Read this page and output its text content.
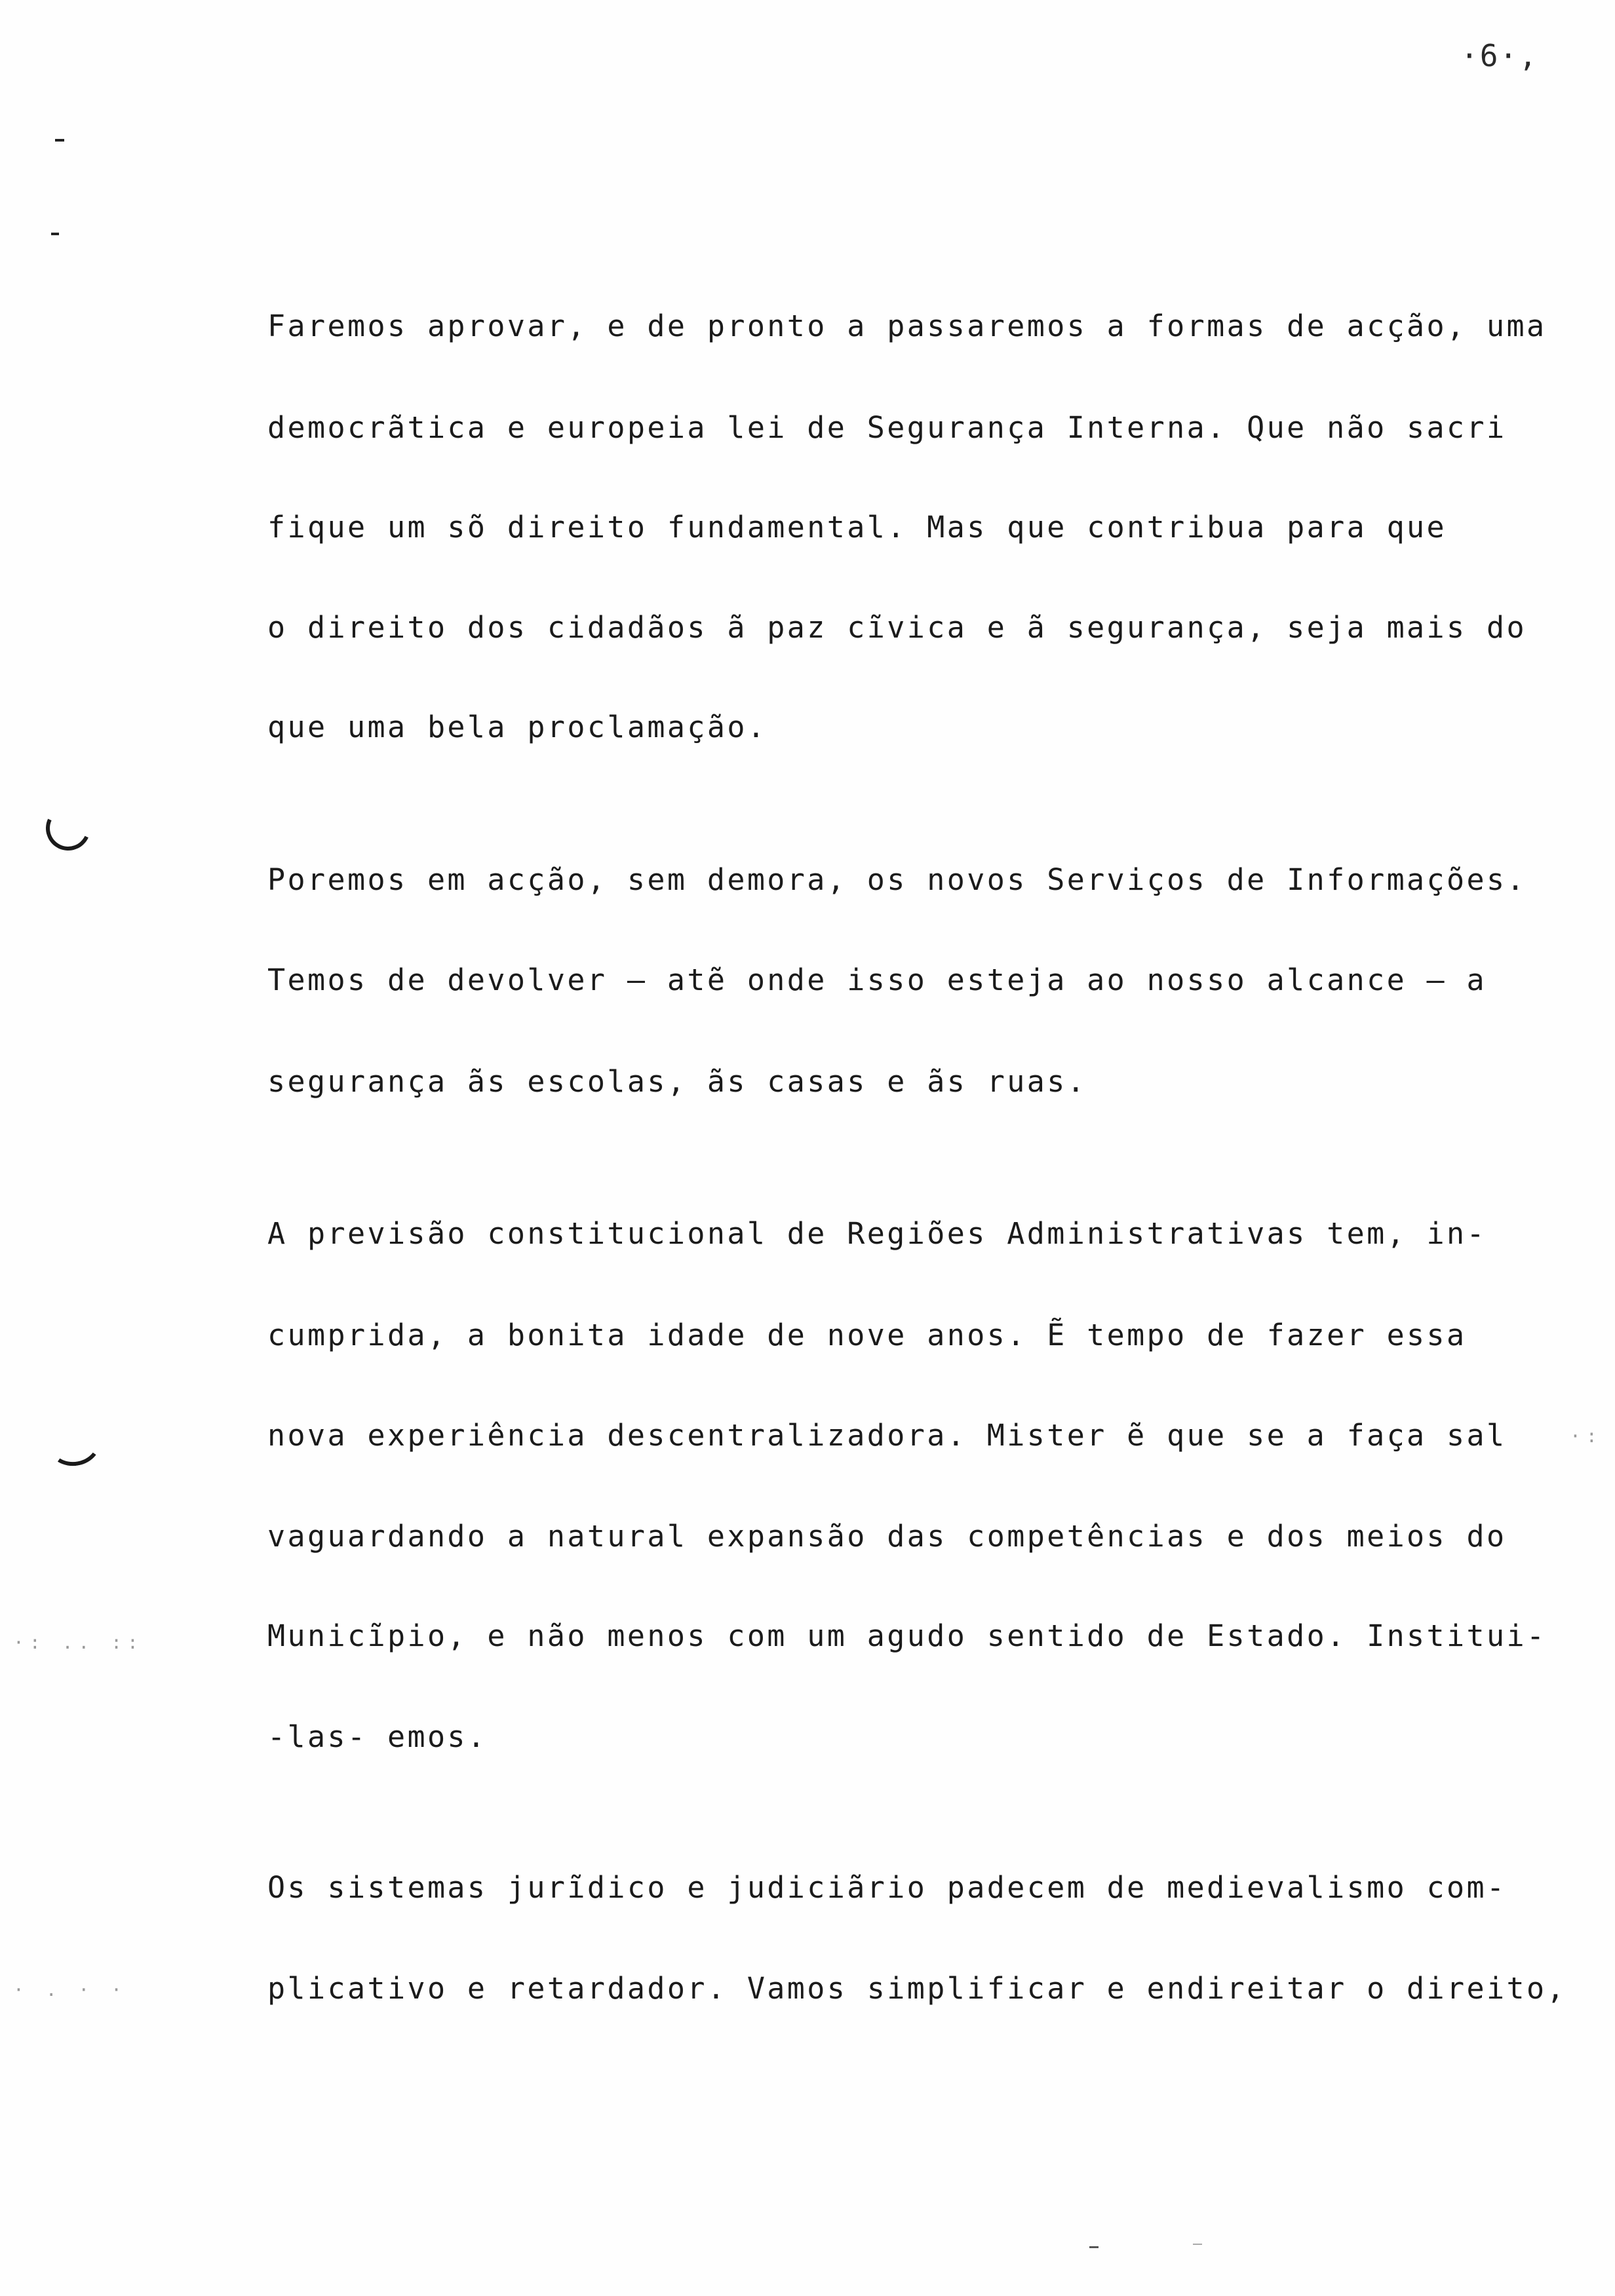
·6·,
·: .. ::
· . · ·
·:
Faremos aprovar, e de pronto a passaremos a formas de acção, uma
democrãtica e europeia lei de Segurança Interna. Que não sacri
fique um sõ direito fundamental. Mas que contribua para que
o direito dos cidadãos ã paz cĩvica e ã segurança, seja mais do
que uma bela proclamação.
Poremos em acção, sem demora, os novos Serviços de Informações.
Temos de devolver — atẽ onde isso esteja ao nosso alcance — a
segurança ãs escolas, ãs casas e ãs ruas.
A previsão constitucional de Regiões Administrativas tem, in-
cumprida, a bonita idade de nove anos. Ẽ tempo de fazer essa
nova experiência descentralizadora. Mister ẽ que se a faça sal
vaguardando a natural expansão das competências e dos meios do
Municĩpio, e não menos com um agudo sentido de Estado. Institui-
-las- emos.
Os sistemas jurĩdico e judiciãrio padecem de medievalismo com-
plicativo e retardador. Vamos simplificar e endireitar o direito,
